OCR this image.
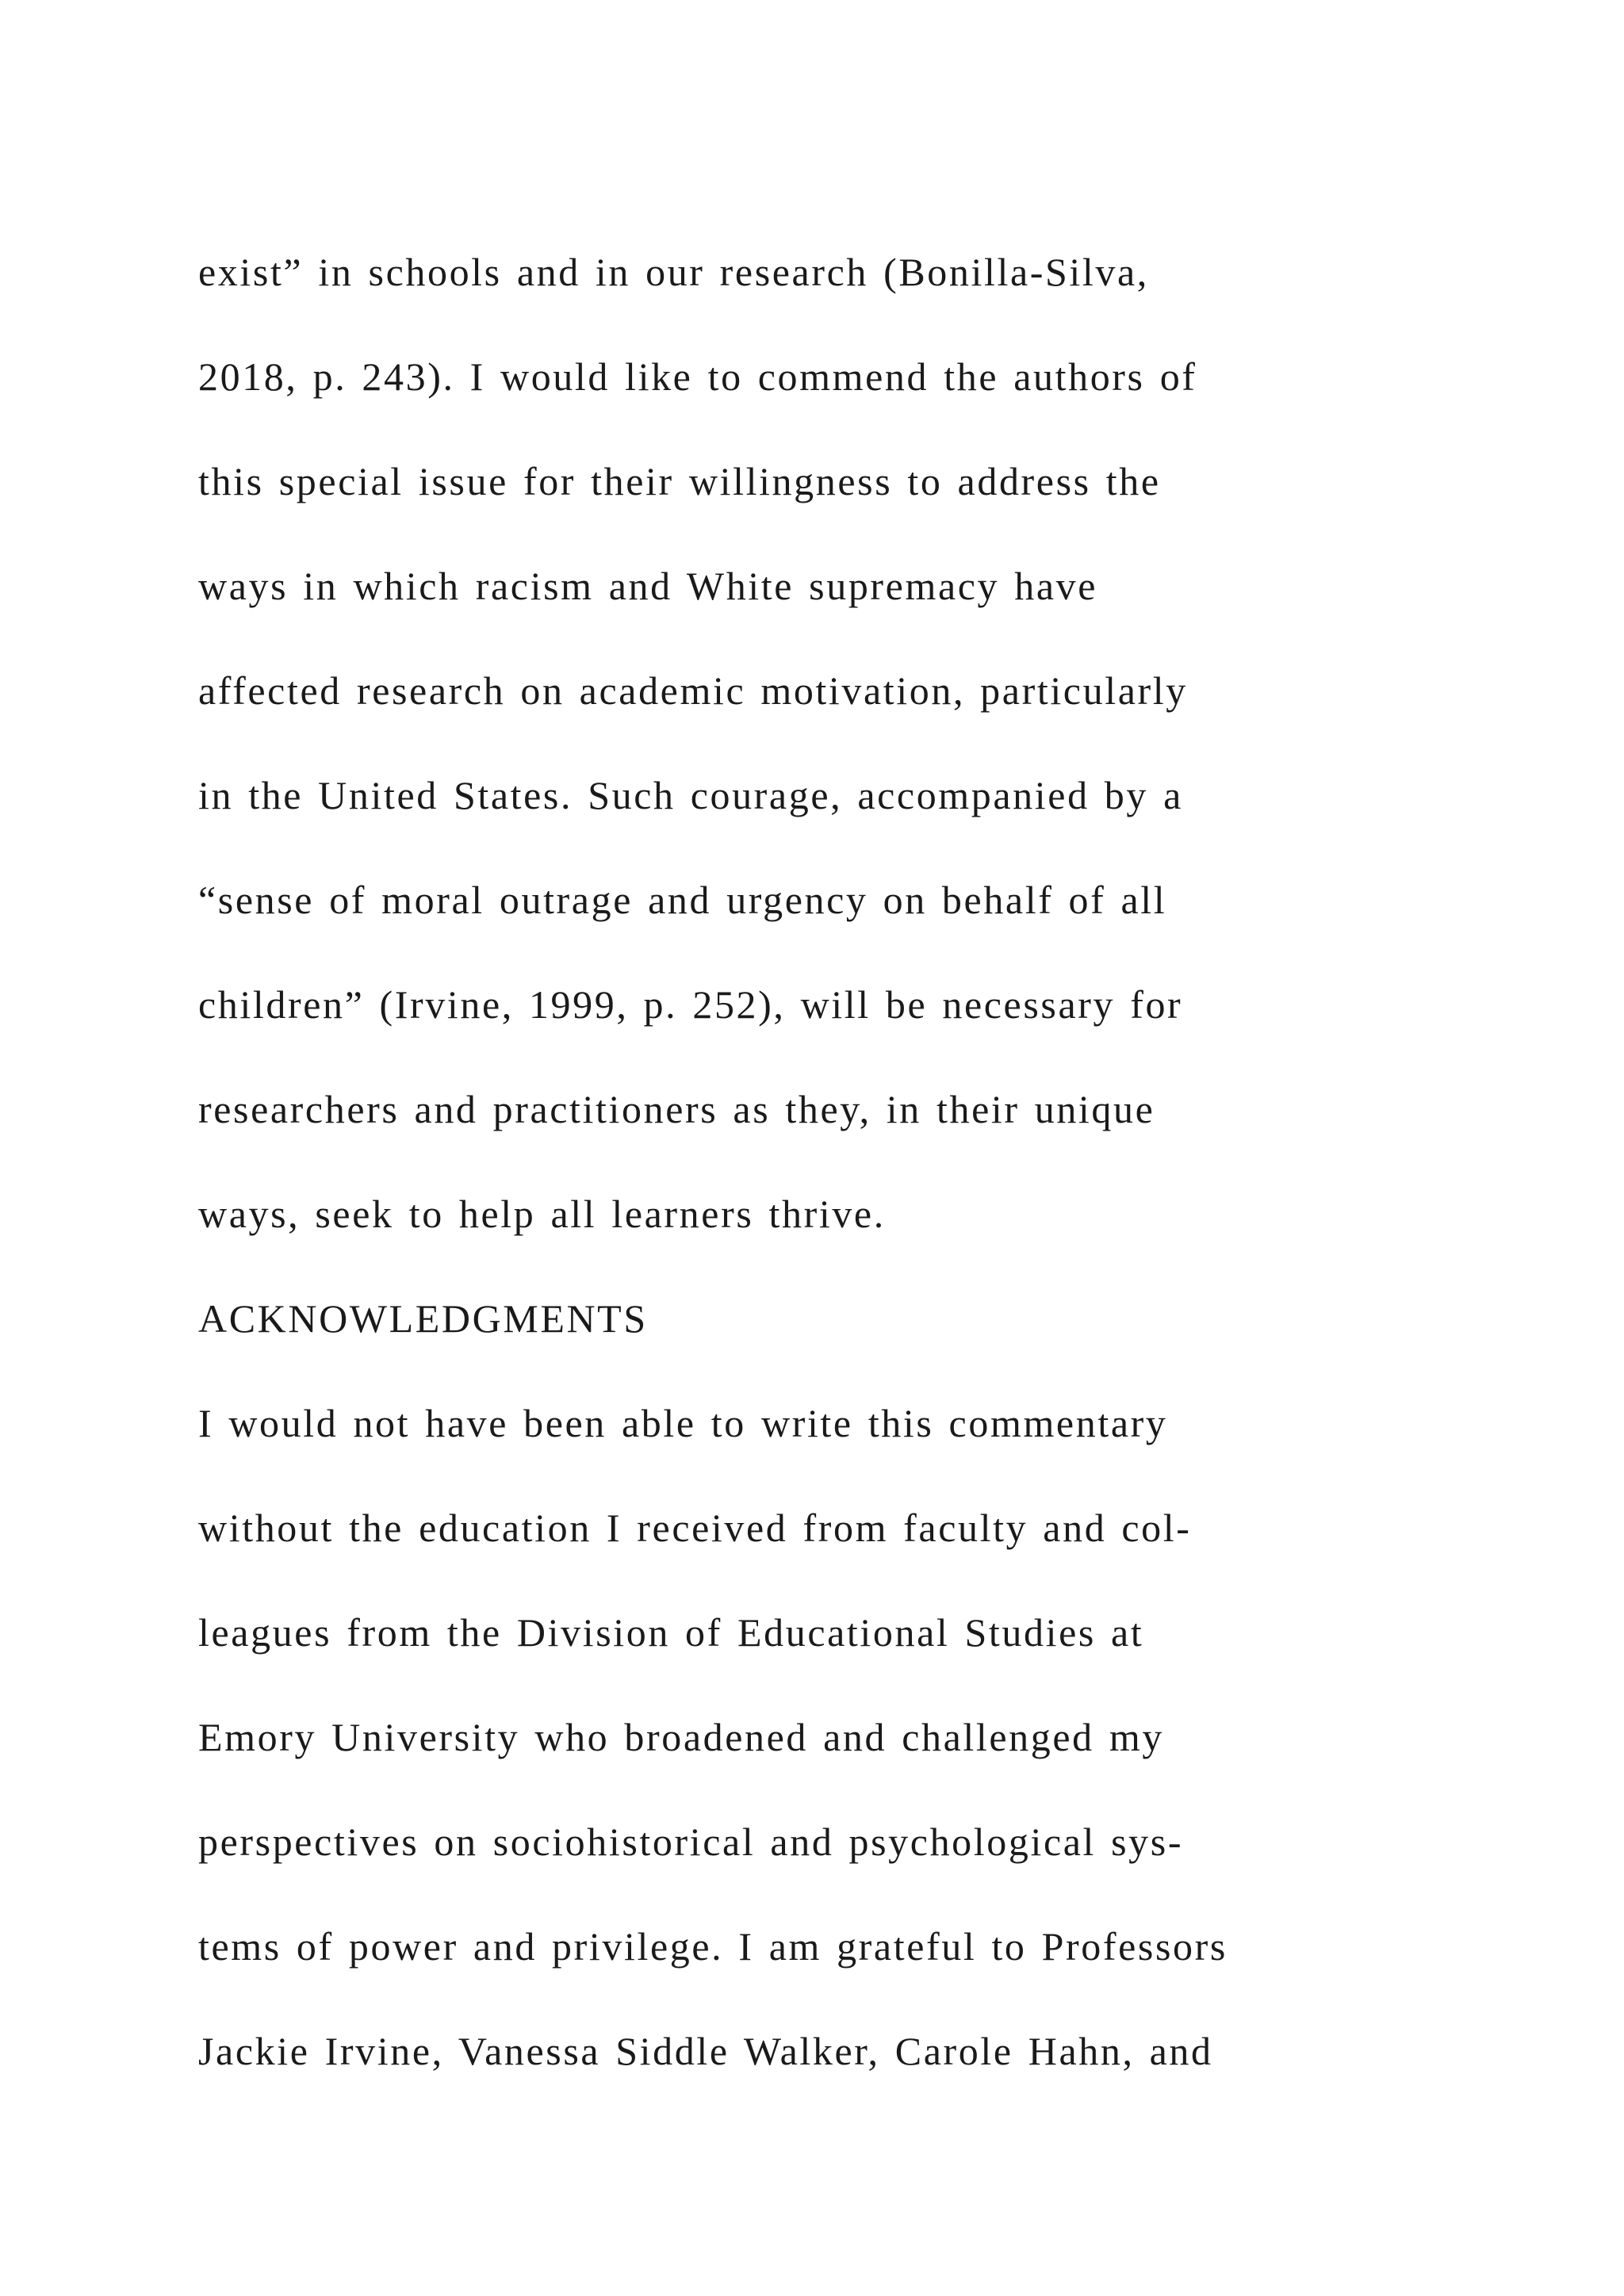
exist” in schools and in our research (Bonilla-Silva,
2018, p. 243). I would like to commend the authors of
this special issue for their willingness to address the
ways in which racism and White supremacy have
affected research on academic motivation, particularly
in the United States. Such courage, accompanied by a
“sense of moral outrage and urgency on behalf of all
children” (Irvine, 1999, p. 252), will be necessary for
researchers and practitioners as they, in their unique
ways, seek to help all learners thrive.
ACKNOWLEDGMENTS
I would not have been able to write this commentary
without the education I received from faculty and col-
leagues from the Division of Educational Studies at
Emory University who broadened and challenged my
perspectives on sociohistorical and psychological sys-
tems of power and privilege. I am grateful to Professors
Jackie Irvine, Vanessa Siddle Walker, Carole Hahn, and
